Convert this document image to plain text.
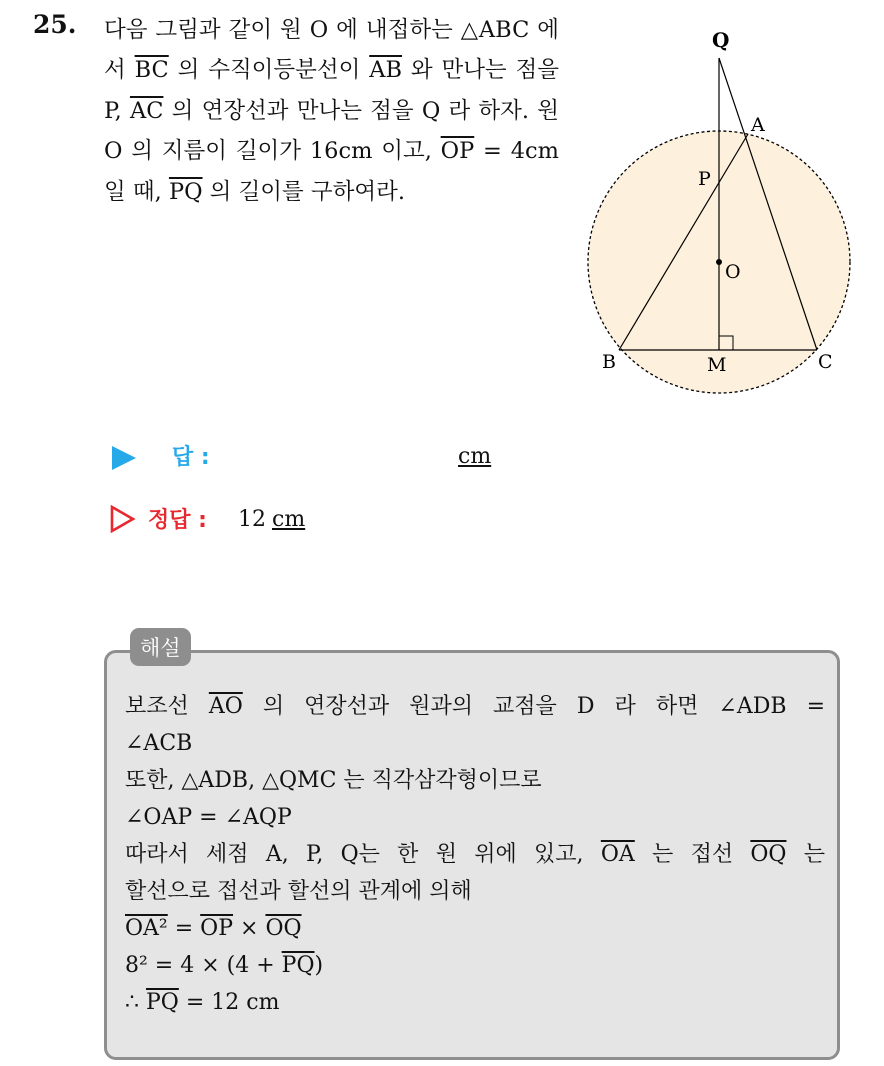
25. 다음 그림과 같이 원 O 에 내접하는 △ABC 에서 $\overline{BC}$ 의 수직이등분선이 $\overline{AB}$ 와 만나는 점을 P, $\overline{AC}$ 의 연장선과 만나는 점을 Q 라 하자. 원 O 의 지름이 길이가 16cm 이고, $\overline{OP} = 4cm$ 일 때, $\overline{PQ}$ 의 길이를 구하여라.
Q
A
P
O
B	M	C
답 :	cm
정답 : 12 cm
해설
보조선 $\overline{AO}$ 의 연장선과 원과의 교점을 D 라 하면 ∠ADB =
∠ACB
또한, △ADB, △QMC 는 직각삼각형이므로
∠OAP = ∠AQP
따라서 세점 A, P, Q는 한 원 위에 있고, $\overline{OA}$ 는 접선 $\overline{OQ}$ 는
할선으로 접선과 할선의 관계에 의해
$OA^2 = \overline{OP} \times \overline{OQ}$
$8^2 = 4 \times (4 + \overline{PQ})$
∴ $\overline{PQ} = 12$ cm
